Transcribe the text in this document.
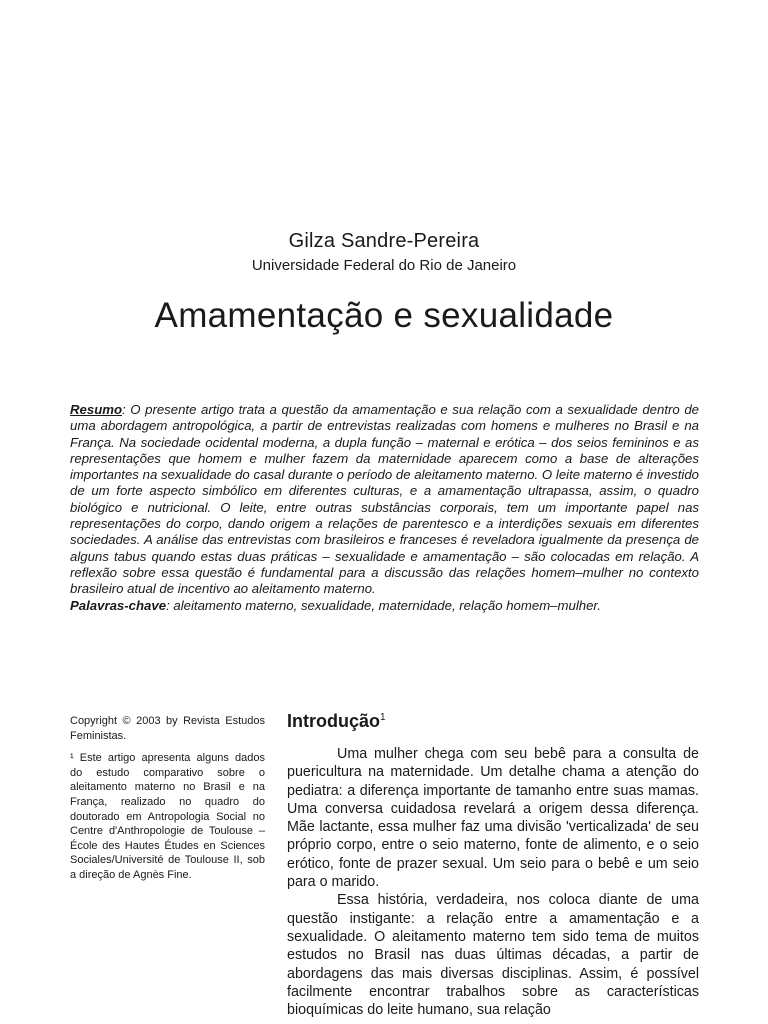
Gilza Sandre-Pereira
Universidade Federal do Rio de Janeiro
Amamentação e sexualidade

Resumo: O presente artigo trata a questão da amamentação e sua relação com a sexualidade dentro de uma abordagem antropológica, a partir de entrevistas realizadas com homens e mulheres no Brasil e na França. Na sociedade ocidental moderna, a dupla função – maternal e erótica – dos seios femininos e as representações que homem e mulher fazem da maternidade aparecem como a base de alterações importantes na sexualidade do casal durante o período de aleitamento materno. O leite materno é investido de um forte aspecto simbólico em diferentes culturas, e a amamentação ultrapassa, assim, o quadro biológico e nutricional. O leite, entre outras substâncias corporais, tem um importante papel nas representações do corpo, dando origem a relações de parentesco e a interdições sexuais em diferentes sociedades. A análise das entrevistas com brasileiros e franceses é reveladora igualmente da presença de alguns tabus quando estas duas práticas – sexualidade e amamentação – são colocadas em relação. A reflexão sobre essa questão é fundamental para a discussão das relações homem–mulher no contexto brasileiro atual de incentivo ao aleitamento materno.
Palavras-chave: aleitamento materno, sexualidade, maternidade, relação homem–mulher.

Copyright © 2003 by Revista Estudos Feministas.

¹ Este artigo apresenta alguns dados do estudo comparativo sobre o aleitamento materno no Brasil e na França, realizado no quadro do doutorado em Antropologia Social no Centre d'Anthropologie de Toulouse – École des Hautes Études en Sciences Sociales/Université de Toulouse II, sob a direção de Agnès Fine.

Introdução$^1$

Uma mulher chega com seu bebê para a consulta de puericultura na maternidade. Um detalhe chama a atenção do pediatra: a diferença importante de tamanho entre suas mamas. Uma conversa cuidadosa revelará a origem dessa diferença. Mãe lactante, essa mulher faz uma divisão 'verticalizada' de seu próprio corpo, entre o seio materno, fonte de alimento, e o seio erótico, fonte de prazer sexual. Um seio para o bebê e um seio para o marido.

Essa história, verdadeira, nos coloca diante de uma questão instigante: a relação entre a amamentação e a sexualidade. O aleitamento materno tem sido tema de muitos estudos no Brasil nas duas últimas décadas, a partir de abordagens das mais diversas disciplinas. Assim, é possível facilmente encontrar trabalhos sobre as características bioquímicas do leite humano, sua relação
